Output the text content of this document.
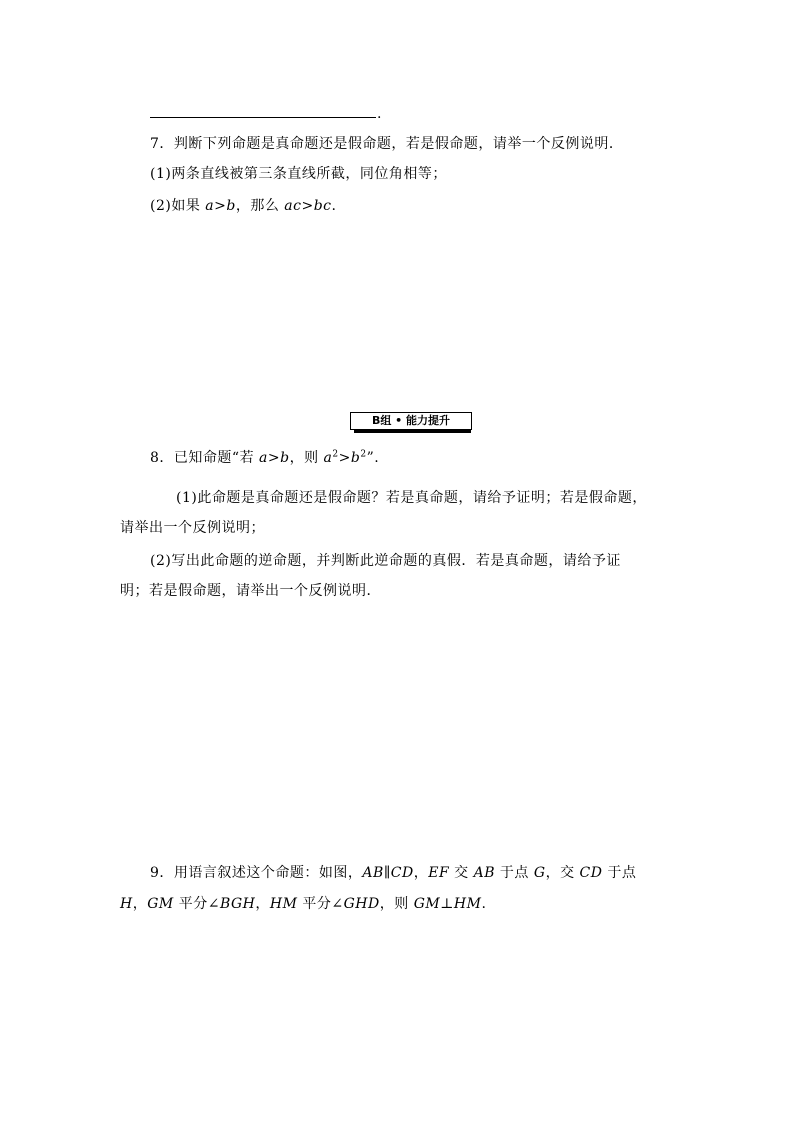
.
7．判断下列命题是真命题还是假命题，若是假命题，请举一个反例说明．
(1)两条直线被第三条直线所截，同位角相等；
(2)如果 a>b，那么 ac>bc.
B组 • 能力提升
8．已知命题“若 a>b，则 $a^2>b^2$”.
(1)此命题是真命题还是假命题？若是真命题，请给予证明；若是假命题，
请举出一个反例说明；
(2)写出此命题的逆命题，并判断此逆命题的真假．若是真命题，请给予证
明；若是假命题，请举出一个反例说明．
9．用语言叙述这个命题：如图，AB∥CD，EF 交 AB 于点 G，交 CD 于点
H，GM 平分∠BGH，HM 平分∠GHD，则 GM⊥HM.
